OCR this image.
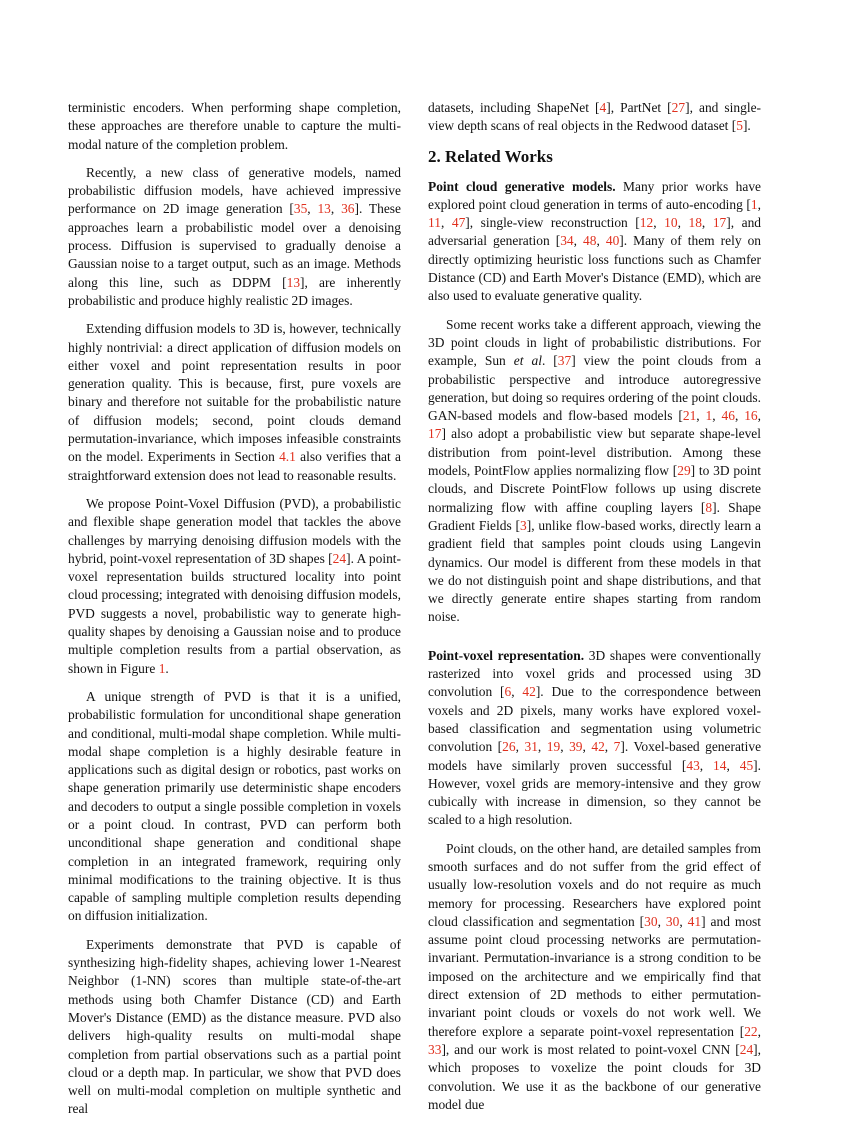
terministic encoders. When performing shape completion, these approaches are therefore unable to capture the multi-modal nature of the completion problem.

Recently, a new class of generative models, named probabilistic diffusion models, have achieved impressive performance on 2D image generation [35, 13, 36]. These approaches learn a probabilistic model over a denoising process. Diffusion is supervised to gradually denoise a Gaussian noise to a target output, such as an image. Methods along this line, such as DDPM [13], are inherently probabilistic and produce highly realistic 2D images.

Extending diffusion models to 3D is, however, technically highly nontrivial: a direct application of diffusion models on either voxel and point representation results in poor generation quality. This is because, first, pure voxels are binary and therefore not suitable for the probabilistic nature of diffusion models; second, point clouds demand permutation-invariance, which imposes infeasible constraints on the model. Experiments in Section 4.1 also verifies that a straightforward extension does not lead to reasonable results.

We propose Point-Voxel Diffusion (PVD), a probabilistic and flexible shape generation model that tackles the above challenges by marrying denoising diffusion models with the hybrid, point-voxel representation of 3D shapes [24]. A point-voxel representation builds structured locality into point cloud processing; integrated with denoising diffusion models, PVD suggests a novel, probabilistic way to generate high-quality shapes by denoising a Gaussian noise and to produce multiple completion results from a partial observation, as shown in Figure 1.

A unique strength of PVD is that it is a unified, probabilistic formulation for unconditional shape generation and conditional, multi-modal shape completion. While multi-modal shape completion is a highly desirable feature in applications such as digital design or robotics, past works on shape generation primarily use deterministic shape encoders and decoders to output a single possible completion in voxels or a point cloud. In contrast, PVD can perform both unconditional shape generation and conditional shape completion in an integrated framework, requiring only minimal modifications to the training objective. It is thus capable of sampling multiple completion results depending on diffusion initialization.

Experiments demonstrate that PVD is capable of synthesizing high-fidelity shapes, achieving lower 1-Nearest Neighbor (1-NN) scores than multiple state-of-the-art methods using both Chamfer Distance (CD) and Earth Mover's Distance (EMD) as the distance measure. PVD also delivers high-quality results on multi-modal shape completion from partial observations such as a partial point cloud or a depth map. In particular, we show that PVD does well on multi-modal completion on multiple synthetic and real

datasets, including ShapeNet [4], PartNet [27], and single-view depth scans of real objects in the Redwood dataset [5].

2. Related Works

Point cloud generative models. Many prior works have explored point cloud generation in terms of auto-encoding [1, 11, 47], single-view reconstruction [12, 10, 18, 17], and adversarial generation [34, 48, 40]. Many of them rely on directly optimizing heuristic loss functions such as Chamfer Distance (CD) and Earth Mover's Distance (EMD), which are also used to evaluate generative quality.

Some recent works take a different approach, viewing the 3D point clouds in light of probabilistic distributions. For example, Sun et al. [37] view the point clouds from a probabilistic perspective and introduce autoregressive generation, but doing so requires ordering of the point clouds. GAN-based models and flow-based models [21, 1, 46, 16, 17] also adopt a probabilistic view but separate shape-level distribution from point-level distribution. Among these models, PointFlow applies normalizing flow [29] to 3D point clouds, and Discrete PointFlow follows up using discrete normalizing flow with affine coupling layers [8]. Shape Gradient Fields [3], unlike flow-based works, directly learn a gradient field that samples point clouds using Langevin dynamics. Our model is different from these models in that we do not distinguish point and shape distributions, and that we directly generate entire shapes starting from random noise.

Point-voxel representation. 3D shapes were conventionally rasterized into voxel grids and processed using 3D convolution [6, 42]. Due to the correspondence between voxels and 2D pixels, many works have explored voxel-based classification and segmentation using volumetric convolution [26, 31, 19, 39, 42, 7]. Voxel-based generative models have similarly proven successful [43, 14, 45]. However, voxel grids are memory-intensive and they grow cubically with increase in dimension, so they cannot be scaled to a high resolution.

Point clouds, on the other hand, are detailed samples from smooth surfaces and do not suffer from the grid effect of usually low-resolution voxels and do not require as much memory for processing. Researchers have explored point cloud classification and segmentation [30, 30, 41] and most assume point cloud processing networks are permutation-invariant. Permutation-invariance is a strong condition to be imposed on the architecture and we empirically find that direct extension of 2D methods to either permutation-invariant point clouds or voxels do not work well. We therefore explore a separate point-voxel representation [22, 33], and our work is most related to point-voxel CNN [24], which proposes to voxelize the point clouds for 3D convolution. We use it as the backbone of our generative model due
